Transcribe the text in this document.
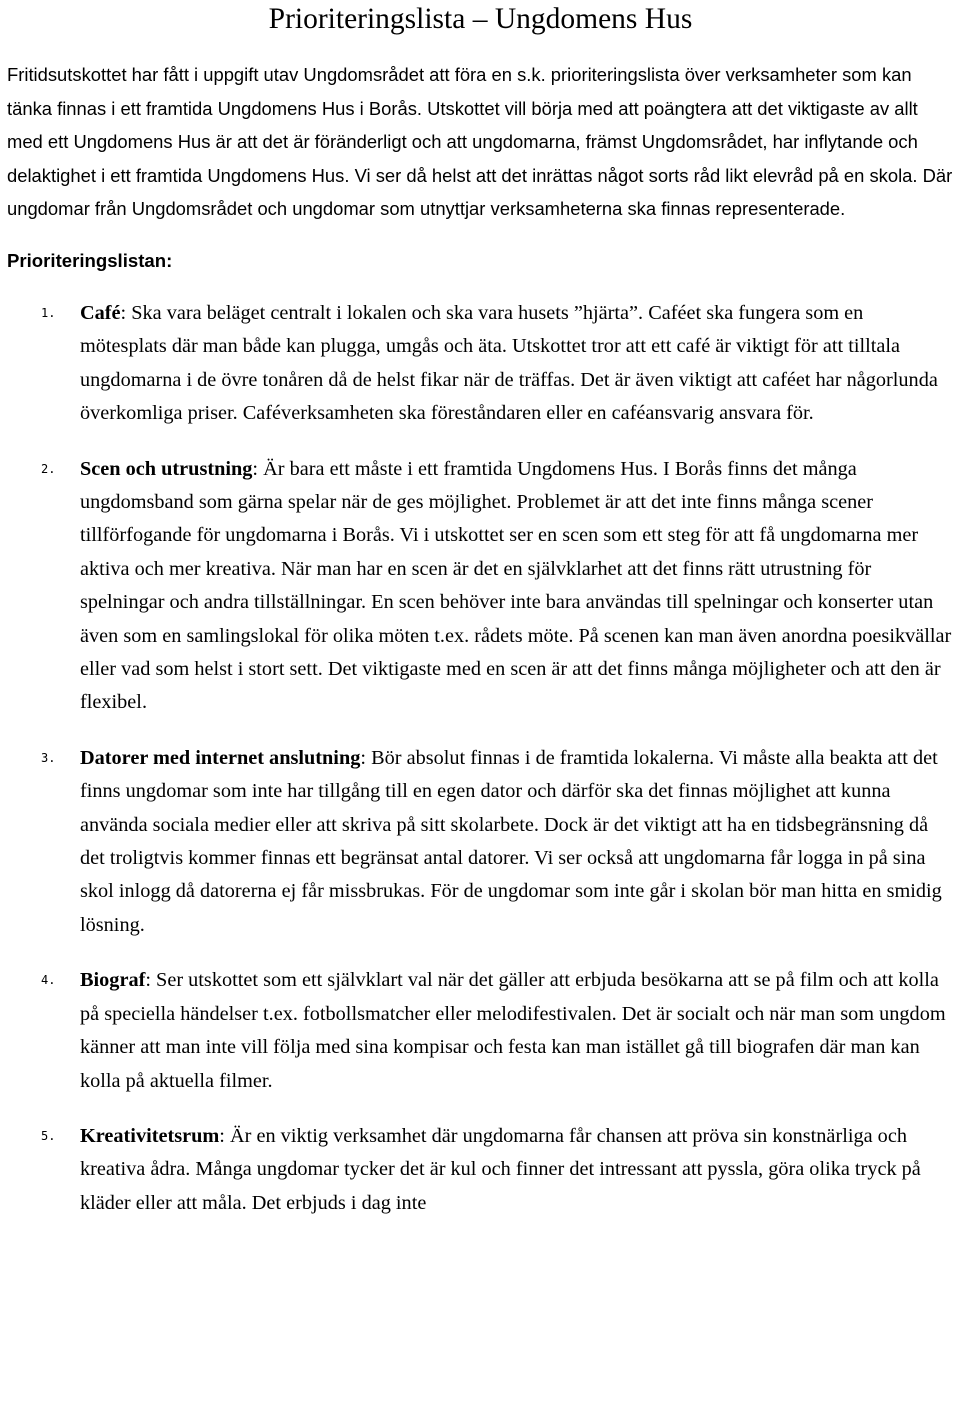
Prioriteringslista – Ungdomens Hus

Fritidsutskottet har fått i uppgift utav Ungdomsrådet att föra en s.k. prioriteringslista över verksamheter som kan tänka finnas i ett framtida Ungdomens Hus i Borås. Utskottet vill börja med att poängtera att det viktigaste av allt med ett Ungdomens Hus är att det är föränderligt och att ungdomarna, främst Ungdomsrådet, har inflytande och delaktighet i ett framtida Ungdomens Hus. Vi ser då helst att det inrättas något sorts råd likt elevråd på en skola. Där ungdomar från Ungdomsrådet och ungdomar som utnyttjar verksamheterna ska finnas representerade.

Prioriteringslistan:
1. Café: Ska vara beläget centralt i lokalen och ska vara husets ”hjärta”. Caféet ska fungera som en mötesplats där man både kan plugga, umgås och äta. Utskottet tror att ett café är viktigt för att tilltala ungdomarna i de övre tonåren då de helst fikar när de träffas. Det är även viktigt att caféet har någorlunda överkomliga priser. Caféverksamheten ska föreståndaren eller en caféansvarig ansvara för.
2. Scen och utrustning: Är bara ett måste i ett framtida Ungdomens Hus. I Borås finns det många ungdomsband som gärna spelar när de ges möjlighet. Problemet är att det inte finns många scener tillförfogande för ungdomarna i Borås. Vi i utskottet ser en scen som ett steg för att få ungdomarna mer aktiva och mer kreativa. När man har en scen är det en självklarhet att det finns rätt utrustning för spelningar och andra tillställningar. En scen behöver inte bara användas till spelningar och konserter utan även som en samlingslokal för olika möten t.ex. rådets möte. På scenen kan man även anordna poesikvällar eller vad som helst i stort sett. Det viktigaste med en scen är att det finns många möjligheter och att den är flexibel.
3. Datorer med internet anslutning: Bör absolut finnas i de framtida lokalerna. Vi måste alla beakta att det finns ungdomar som inte har tillgång till en egen dator och därför ska det finnas möjlighet att kunna använda sociala medier eller att skriva på sitt skolarbete. Dock är det viktigt att ha en tidsbegränsning då det troligtvis kommer finnas ett begränsat antal datorer. Vi ser också att ungdomarna får logga in på sina skol inlogg då datorerna ej får missbrukas. För de ungdomar som inte går i skolan bör man hitta en smidig lösning.
4. Biograf: Ser utskottet som ett självklart val när det gäller att erbjuda besökarna att se på film och att kolla på speciella händelser t.ex. fotbollsmatcher eller melodifestivalen. Det är socialt och när man som ungdom känner att man inte vill följa med sina kompisar och festa kan man istället gå till biografen där man kan kolla på aktuella filmer.
5. Kreativitetsrum: Är en viktig verksamhet där ungdomarna får chansen att pröva sin konstnärliga och kreativa ådra. Många ungdomar tycker det är kul och finner det intressant att pyssla, göra olika tryck på kläder eller att måla. Det erbjuds i dag inte
